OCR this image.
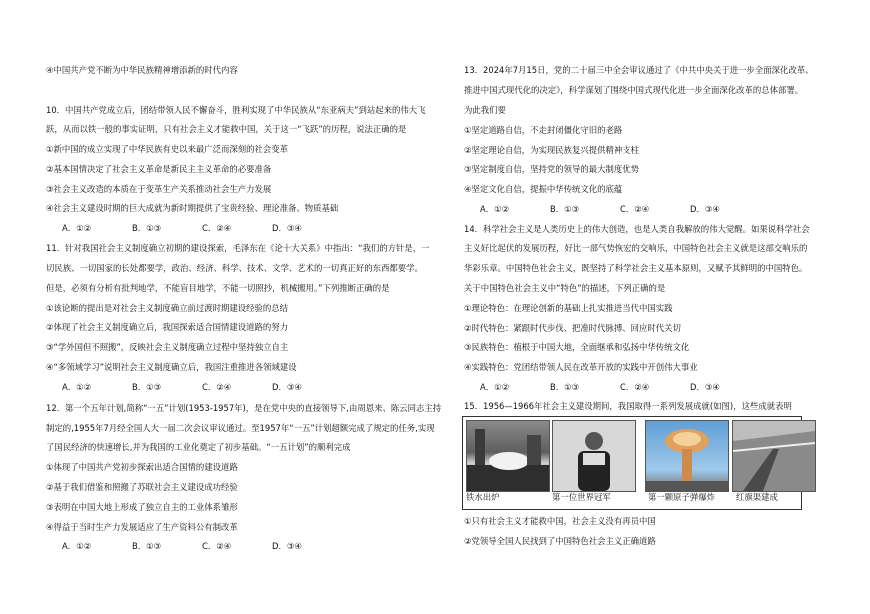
④中国共产党不断为中华民族精神增添新的时代内容
10．中国共产党成立后，团结带领人民不懈奋斗，胜利实现了中华民族从“东亚病夫”到站起来的伟大飞
跃，从而以铁一般的事实证明，只有社会主义才能救中国，关于这一“飞跃”的历程，说法正确的是
①新中国的成立实现了中华民族有史以来最广泛而深刻的社会变革
②基本国情决定了社会主义革命是新民主主义革命的必要准备
③社会主义改造的本质在于变革生产关系推动社会生产力发展
④社会主义建设时期的巨大成就为新时期提供了宝贵经验、理论准备、物质基础
A．①②	B．①③	C．②④	D．③④
11．针对我国社会主义制度确立初期的建设探索，毛泽东在《论十大关系》中指出：“我们的方针是，一
切民族、一切国家的长处都要学，政治、经济、科学、技术、文学、艺术的一切真正好的东西都要学。
但是，必须有分析有批判地学，不能盲目地学，不能一切照抄，机械搬用。”下列推断正确的是
①该论断的提出是对社会主义制度确立前过渡时期建设经验的总结
②体现了社会主义制度确立后，我国探索适合国情建设道路的努力
③“学外国但不照搬”，反映社会主义制度确立过程中坚持独立自主
④“多领域学习”说明社会主义制度确立后，我国注重推进各领域建设
A．①②	B．①③	C．②④	D．③④
12．第一个五年计划,简称“一五”计划(1953-1957年)，是在党中央的直接领导下,由周恩来、陈云同志主持
制定的,1955年7月经全国人大一届二次会议审议通过。至1957年“一五”计划超额完成了规定的任务,实现
了国民经济的快速增长,并为我国的工业化奠定了初步基础。“一五计划”的顺利完成
①体现了中国共产党初步探索出适合国情的建设道路
②基于我们借鉴和照搬了苏联社会主义建设成功经验
③表明在中国大地上形成了独立自主的工业体系雏形
④得益于当时生产力发展适应了生产资料公有制改革
A．①②	B．①③	C．②④	D．③④
13．2024年7月15日，党的二十届三中全会审议通过了《中共中央关于进一步全面深化改革、
推进中国式现代化的决定》，科学谋划了围绕中国式现代化进一步全面深化改革的总体部署。
为此我们要
①坚定道路自信，不走封闭僵化守旧的老路
②坚定理论自信，为实现民族复兴提供精神支柱
③坚定制度自信，坚持党的领导的最大制度优势
④坚定文化自信，提振中华传统文化的底蕴
A．①②	B．①③	C．②④	D．③④
14．科学社会主义是人类历史上的伟大创造，也是人类自我解放的伟大觉醒。如果说科学社会
主义好比起伏的发展历程，好比一部气势恢宏的交响乐，中国特色社会主义就是这部交响乐的
华彩乐章。中国特色社会主义，既坚持了科学社会主义基本原则，又赋予其鲜明的中国特色。
关于中国特色社会主义中“特色”的描述，下列正确的是
①理论特色：在理论创新的基础上扎实推进当代中国实践
②时代特色：紧跟时代步伐、把准时代脉搏、回应时代关切
③民族特色：植根于中国大地，全面继承和弘扬中华传统文化
④实践特色：党团结带领人民在改革开放的实践中开创伟大事业
A．①②	B．①③	C．②④	D．③④
15．1956—1966年社会主义建设期间，我国取得一系列发展成就(如图)，这些成就表明
铁水出炉	第一位世界冠军	第一颗原子弹爆炸	红旗渠建成
①只有社会主义才能救中国，社会主义没有再员中国
②党领导全国人民找到了中国特色社会主义正确道路
